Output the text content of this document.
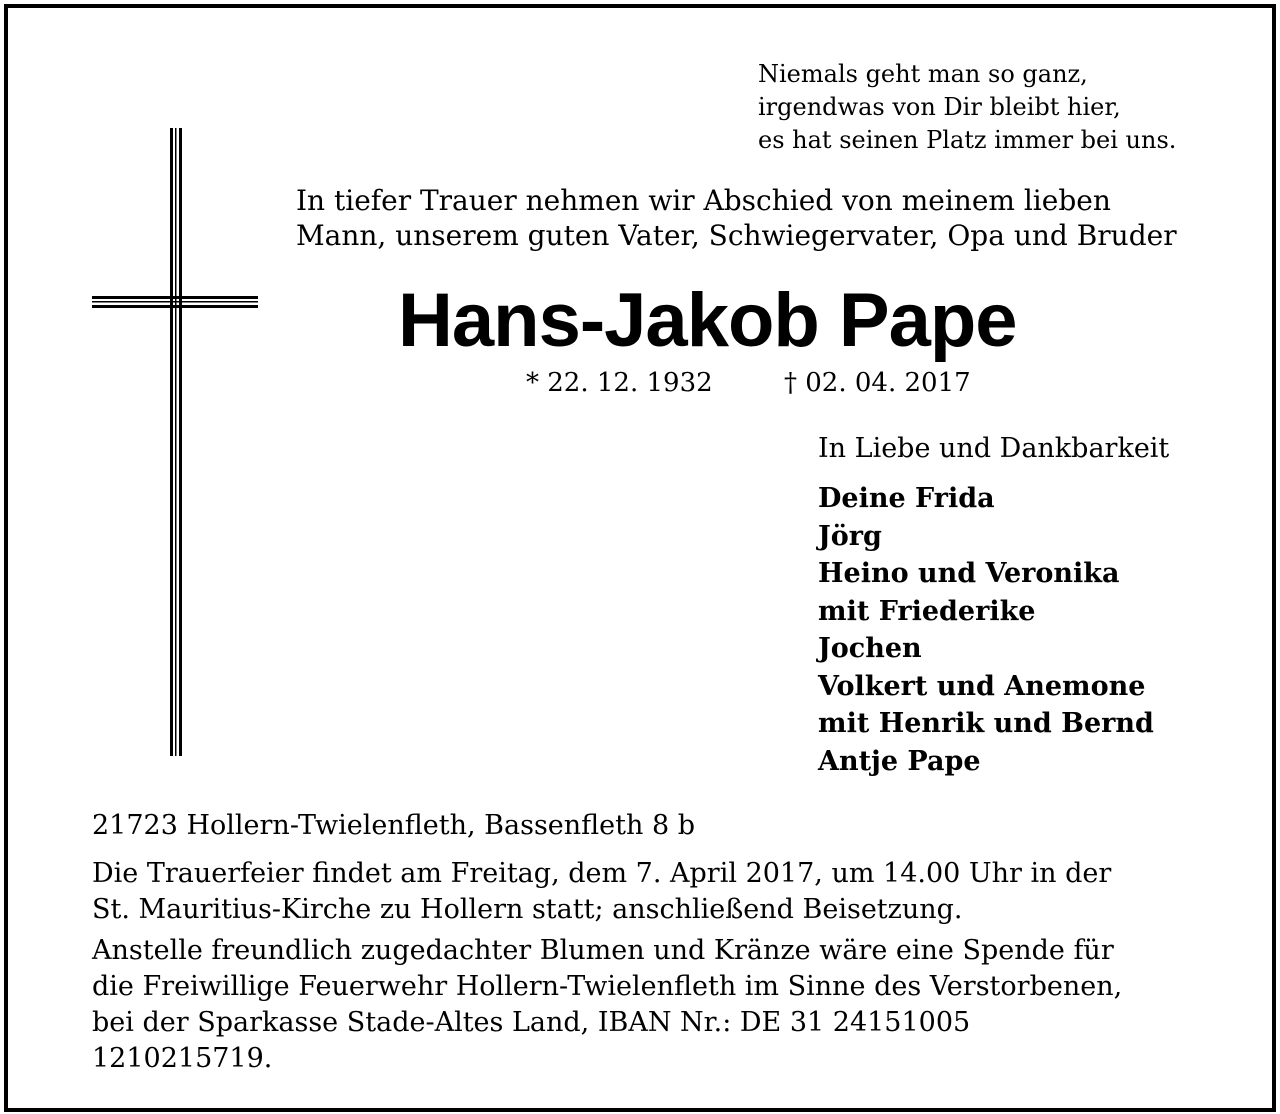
Niemals geht man so ganz,
irgendwas von Dir bleibt hier,
es hat seinen Platz immer bei uns.
In tiefer Trauer nehmen wir Abschied von meinem lieben
Mann, unserem guten Vater, Schwiegervater, Opa und Bruder
Hans-Jakob Pape
* 22. 12. 1932	† 02. 04. 2017
In Liebe und Dankbarkeit
Deine Frida
Jörg
Heino und Veronika
mit Friederike
Jochen
Volkert und Anemone
mit Henrik und Bernd
Antje Pape
21723 Hollern-Twielenfleth, Bassenfleth 8 b
Die Trauerfeier findet am Freitag, dem 7. April 2017, um 14.00 Uhr in der
St. Mauritius-Kirche zu Hollern statt; anschließend Beisetzung.
Anstelle freundlich zugedachter Blumen und Kränze wäre eine Spende für
die Freiwillige Feuerwehr Hollern-Twielenfleth im Sinne des Verstorbenen,
bei der Sparkasse Stade-Altes Land, IBAN Nr.: DE 31 24151005
1210215719.
